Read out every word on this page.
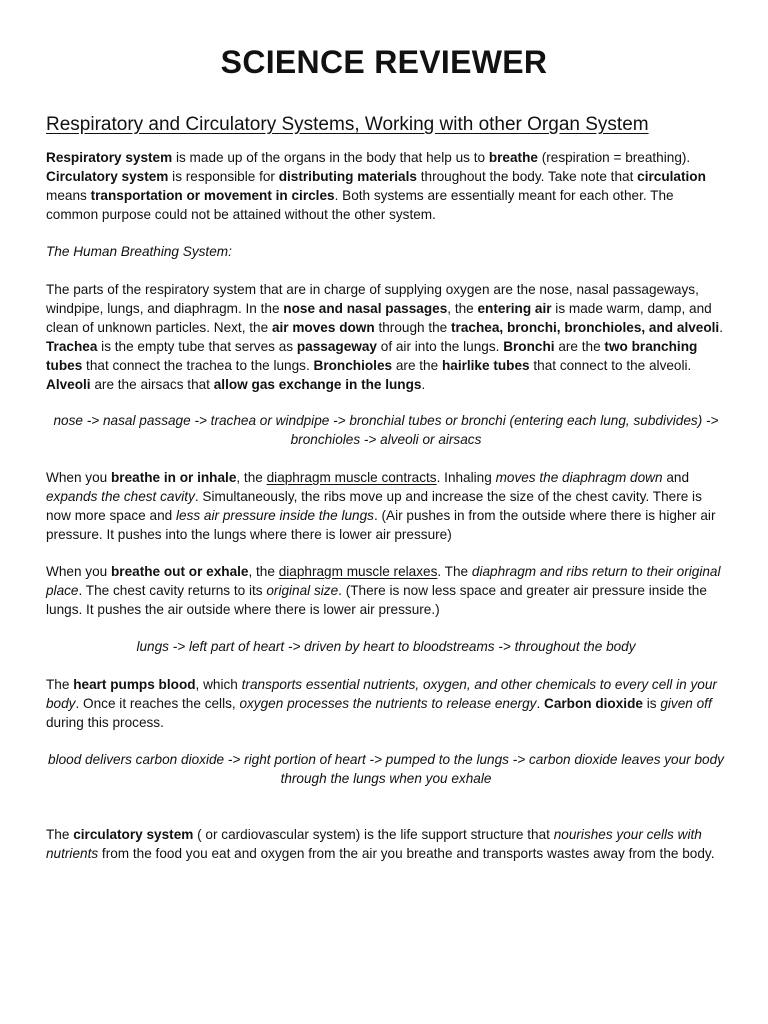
SCIENCE REVIEWER
Respiratory and Circulatory Systems, Working with other Organ System
Respiratory system is made up of the organs in the body that help us to breathe (respiration = breathing). Circulatory system is responsible for distributing materials throughout the body. Take note that circulation means transportation or movement in circles. Both systems are essentially meant for each other. The common purpose could not be attained without the other system.
The Human Breathing System:
The parts of the respiratory system that are in charge of supplying oxygen are the nose, nasal passageways, windpipe, lungs, and diaphragm. In the nose and nasal passages, the entering air is made warm, damp, and clean of unknown particles. Next, the air moves down through the trachea, bronchi, bronchioles, and alveoli. Trachea is the empty tube that serves as passageway of air into the lungs. Bronchi are the two branching tubes that connect the trachea to the lungs. Bronchioles are the hairlike tubes that connect to the alveoli. Alveoli are the airsacs that allow gas exchange in the lungs.
nose -> nasal passage -> trachea or windpipe -> bronchial tubes or bronchi (entering each lung, subdivides) -> bronchioles -> alveoli or airsacs
When you breathe in or inhale, the diaphragm muscle contracts. Inhaling moves the diaphragm down and expands the chest cavity. Simultaneously, the ribs move up and increase the size of the chest cavity. There is now more space and less air pressure inside the lungs. (Air pushes in from the outside where there is higher air pressure. It pushes into the lungs where there is lower air pressure)
When you breathe out or exhale, the diaphragm muscle relaxes. The diaphragm and ribs return to their original place. The chest cavity returns to its original size. (There is now less space and greater air pressure inside the lungs. It pushes the air outside where there is lower air pressure.)
lungs -> left part of heart -> driven by heart to bloodstreams -> throughout the body
The heart pumps blood, which transports essential nutrients, oxygen, and other chemicals to every cell in your body. Once it reaches the cells, oxygen processes the nutrients to release energy. Carbon dioxide is given off during this process.
blood delivers carbon dioxide -> right portion of heart -> pumped to the lungs -> carbon dioxide leaves your body through the lungs when you exhale
The circulatory system ( or cardiovascular system) is the life support structure that nourishes your cells with nutrients from the food you eat and oxygen from the air you breathe and transports wastes away from the body.
